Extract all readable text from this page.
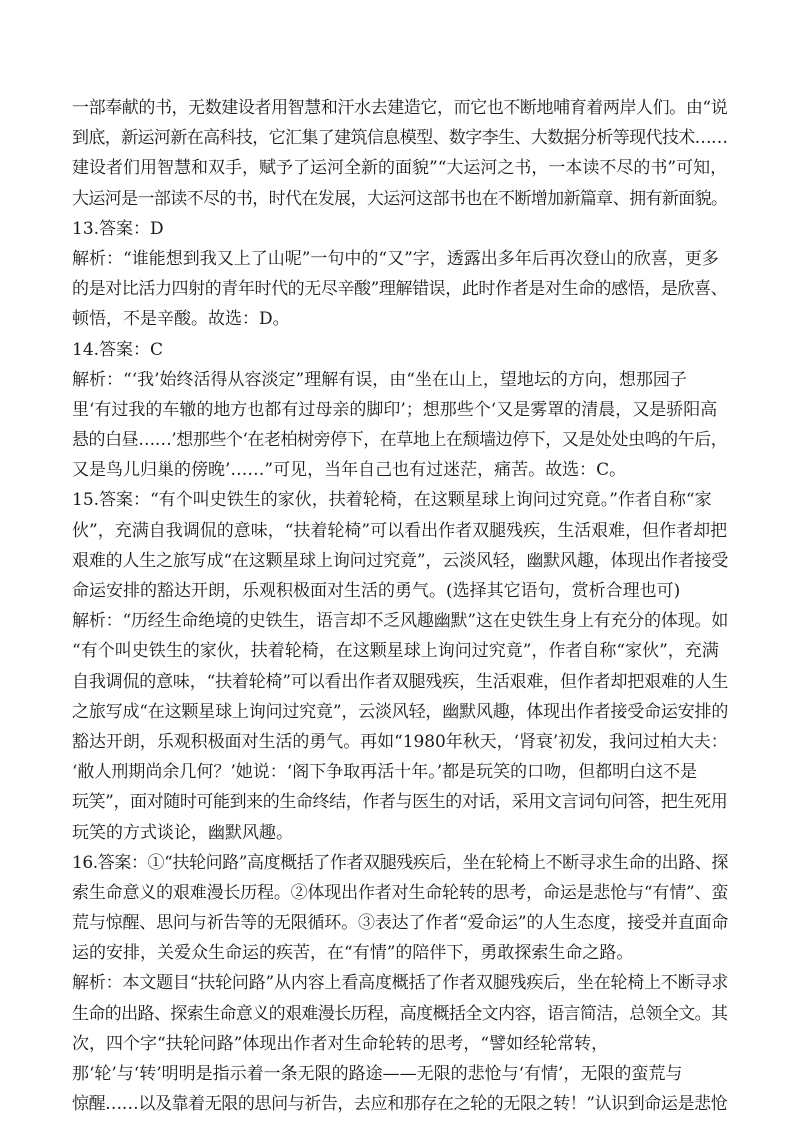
一部奉献的书，无数建设者用智慧和汗水去建造它，而它也不断地哺育着两岸人们。由“说
到底，新运河新在高科技，它汇集了建筑信息模型、数字李生、大数据分析等现代技术……
建设者们用智慧和双手，赋予了运河全新的面貌”“大运河之书，一本读不尽的书”可知，
大运河是一部读不尽的书，时代在发展，大运河这部书也在不断增加新篇章、拥有新面貌。
13.答案：D
解析：“谁能想到我又上了山呢”一句中的“又”字，透露出多年后再次登山的欣喜，更多
的是对比活力四射的青年时代的无尽辛酸”理解错误，此时作者是对生命的感悟，是欣喜、
顿悟，不是辛酸。故选：D。
14.答案：C
解析：“‘我’始终活得从容淡定”理解有误，由“坐在山上，望地坛的方向，想那园子
里‘有过我的车辙的地方也都有过母亲的脚印’；想那些个‘又是雾罩的清晨，又是骄阳高
悬的白昼……’想那些个‘在老柏树旁停下，在草地上在颓墙边停下，又是处处虫鸣的午后，
又是鸟儿归巢的傍晚’……”可见，当年自己也有过迷茫，痛苦。故选：C。
15.答案：“有个叫史铁生的家伙，扶着轮椅，在这颗星球上询问过究竟。”作者自称“家
伙”，充满自我调侃的意味，“扶着轮椅”可以看出作者双腿残疾，生活艰难，但作者却把
艰难的人生之旅写成“在这颗星球上询问过究竟”，云淡风轻，幽默风趣，体现出作者接受
命运安排的豁达开朗，乐观积极面对生活的勇气。(选择其它语句，赏析合理也可)
解析：“历经生命绝境的史铁生，语言却不乏风趣幽默”这在史铁生身上有充分的体现。如
“有个叫史铁生的家伙，扶着轮椅，在这颗星球上询问过究竟”，作者自称“家伙”，充满
自我调侃的意味，“扶着轮椅”可以看出作者双腿残疾，生活艰难，但作者却把艰难的人生
之旅写成“在这颗星球上询问过究竟”，云淡风轻，幽默风趣，体现出作者接受命运安排的
豁达开朗，乐观积极面对生活的勇气。再如“1980年秋天，‘肾衰’初发，我问过柏大夫：
‘敝人刑期尚余几何？’她说：‘阁下争取再活十年。’都是玩笑的口吻，但都明白这不是
玩笑”，面对随时可能到来的生命终结，作者与医生的对话，采用文言词句问答，把生死用
玩笑的方式谈论，幽默风趣。
16.答案：①“扶轮问路”高度概括了作者双腿残疾后，坐在轮椅上不断寻求生命的出路、探
索生命意义的艰难漫长历程。②体现出作者对生命轮转的思考，命运是悲怆与“有情”、蛮
荒与惊醒、思问与祈告等的无限循环。③表达了作者“爱命运”的人生态度，接受并直面命
运的安排，关爱众生命运的疾苦，在“有情”的陪伴下，勇敢探索生命之路。
解析：本文题目“扶轮问路”从内容上看高度概括了作者双腿残疾后，坐在轮椅上不断寻求
生命的出路、探索生命意义的艰难漫长历程，高度概括全文内容，语言简洁，总领全文。其
次，四个字“扶轮问路”体现出作者对生命轮转的思考，“譬如经轮常转，
那‘轮’与‘转’明明是指示着一条无限的路途——无限的悲怆与‘有情’，无限的蛮荒与
惊醒……以及靠着无限的思问与祈告，去应和那存在之轮的无限之转！”认识到命运是悲怆
